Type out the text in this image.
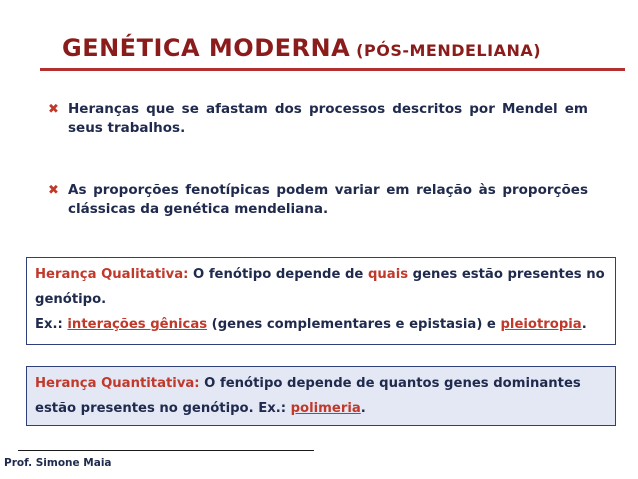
GENÉTICA MODERNA (PÓS-MENDELIANA)
✖ Heranças que se afastam dos processos descritos por Mendel em seus trabalhos.
✖ As proporções fenotípicas podem variar em relação às proporções clássicas da genética mendeliana.
Herança Qualitativa: O fenótipo depende de quais genes estão presentes no genótipo.
Ex.: interações gênicas (genes complementares e epistasia) e pleiotropia.
Herança Quantitativa: O fenótipo depende de quantos genes dominantes estão presentes no genótipo. Ex.: polimeria.
Prof. Simone Maia
